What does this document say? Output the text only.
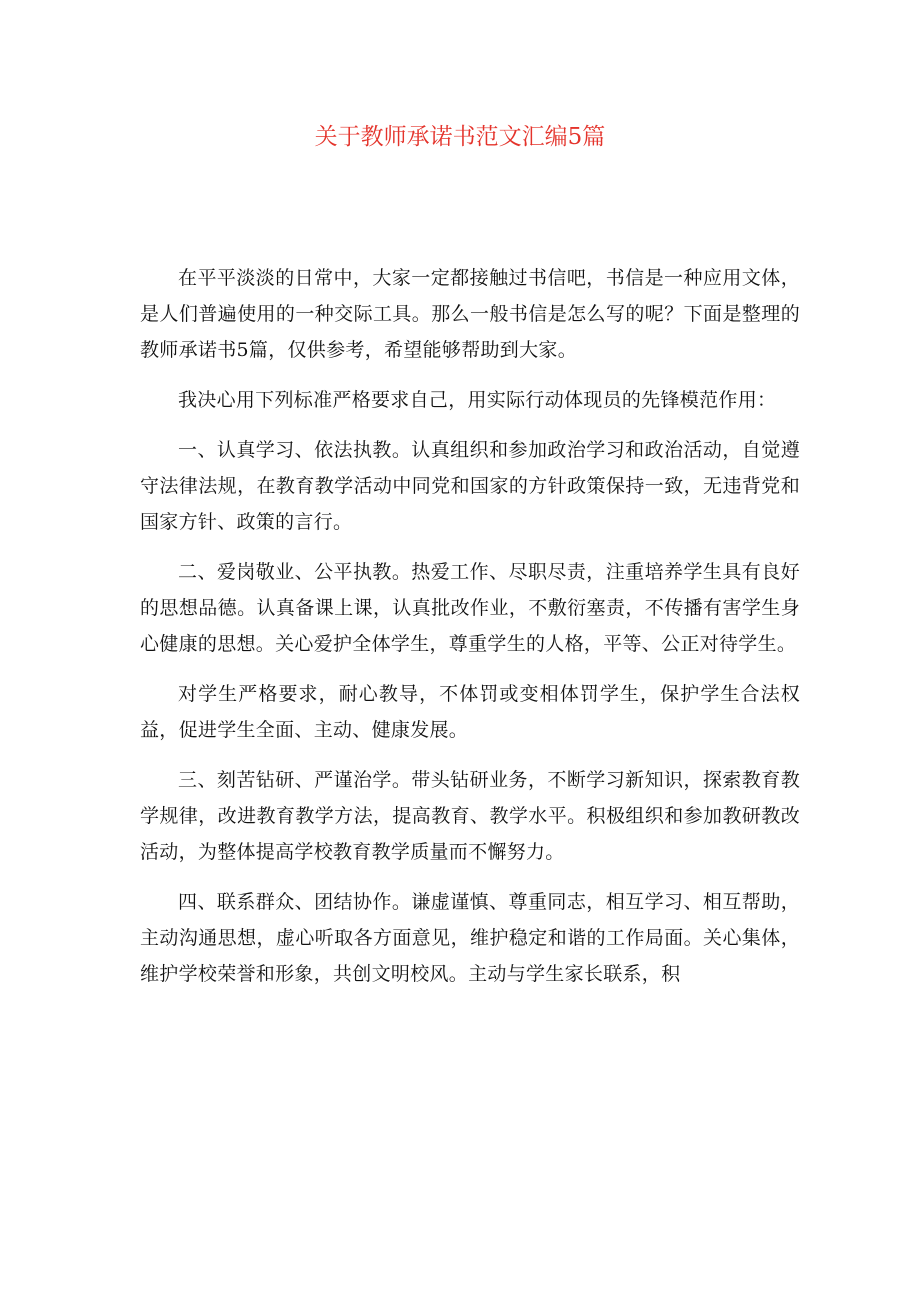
关于教师承诺书范文汇编5篇

在平平淡淡的日常中，大家一定都接触过书信吧，书信是一种应用文体，是人们普遍使用的一种交际工具。那么一般书信是怎么写的呢？下面是整理的教师承诺书5篇，仅供参考，希望能够帮助到大家。

我决心用下列标准严格要求自己，用实际行动体现员的先锋模范作用：

一、认真学习、依法执教。认真组织和参加政治学习和政治活动，自觉遵守法律法规，在教育教学活动中同党和国家的方针政策保持一致，无违背党和国家方针、政策的言行。

二、爱岗敬业、公平执教。热爱工作、尽职尽责，注重培养学生具有良好的思想品德。认真备课上课，认真批改作业，不敷衍塞责，不传播有害学生身心健康的思想。关心爱护全体学生，尊重学生的人格，平等、公正对待学生。

对学生严格要求，耐心教导，不体罚或变相体罚学生，保护学生合法权益，促进学生全面、主动、健康发展。

三、刻苦钻研、严谨治学。带头钻研业务，不断学习新知识，探索教育教学规律，改进教育教学方法，提高教育、教学水平。积极组织和参加教研教改活动，为整体提高学校教育教学质量而不懈努力。

四、联系群众、团结协作。谦虚谨慎、尊重同志，相互学习、相互帮助，主动沟通思想，虚心听取各方面意见，维护稳定和谐的工作局面。关心集体，维护学校荣誉和形象，共创文明校风。主动与学生家长联系，积
